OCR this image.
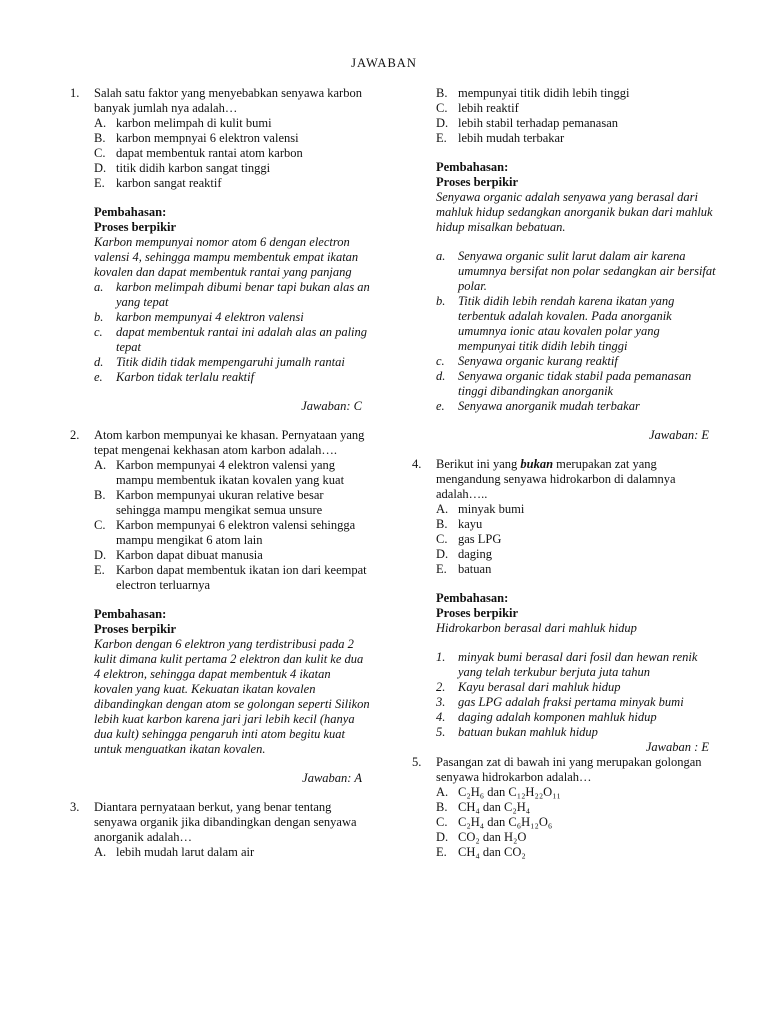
JAWABAN
1. Salah satu faktor yang menyebabkan senyawa karbon banyak jumlah nya adalah…
A. karbon melimpah di kulit bumi
B. karbon mempnyai 6 elektron valensi
C. dapat membentuk rantai atom karbon
D. titik didih karbon sangat tinggi
E. karbon sangat reaktif
Pembahasan:
Proses berpikir
Karbon mempunyai nomor atom 6 dengan electron valensi 4, sehingga mampu membentuk empat ikatan kovalen dan dapat membentuk rantai yang panjang
a. karbon melimpah dibumi benar tapi bukan alas an yang tepat
b. karbon mempunyai 4 elektron valensi
c. dapat membentuk rantai ini adalah alas an paling tepat
d. Titik didih tidak mempengaruhi jumalh rantai
e. Karbon tidak terlalu reaktif
Jawaban: C
2. Atom karbon mempunyai ke khasan. Pernyataan yang tepat mengenai kekhasan atom karbon adalah….
A. Karbon mempunyai 4 elektron valensi yang mampu membentuk ikatan kovalen yang kuat
B. Karbon mempunyai ukuran relative besar sehingga mampu mengikat semua unsure
C. Karbon mempunyai 6 elektron valensi sehingga mampu mengikat 6 atom lain
D. Karbon dapat dibuat manusia
E. Karbon dapat membentuk ikatan ion dari keempat electron terluarnya
Pembahasan:
Proses berpikir
Karbon dengan 6 elektron yang terdistribusi pada 2 kulit dimana kulit pertama 2 elektron dan kulit ke dua 4 elektron, sehingga dapat membentuk 4 ikatan kovalen yang kuat. Kekuatan ikatan kovalen dibandingkan dengan atom se golongan seperti Silikon lebih kuat karbon karena jari jari lebih kecil (hanya dua kult) sehingga pengaruh inti atom begitu kuat untuk menguatkan ikatan kovalen.
Jawaban: A
3. Diantara pernyataan berkut, yang benar tentang senyawa organik jika dibandingkan dengan senyawa anorganik adalah…
A. lebih mudah larut dalam air
B. mempunyai titik didih lebih tinggi
C. lebih reaktif
D. lebih stabil terhadap pemanasan
E. lebih mudah terbakar
Pembahasan:
Proses berpikir
Senyawa organic adalah senyawa yang berasal dari mahluk hidup sedangkan anorganik bukan dari mahluk hidup misalkan bebatuan.
a. Senyawa organic sulit larut dalam air karena umumnya bersifat non polar sedangkan air bersifat polar.
b. Titik didih lebih rendah karena ikatan yang terbentuk adalah kovalen. Pada anorganik umumnya ionic atau kovalen polar yang mempunyai titik didih lebih tinggi
c. Senyawa organic kurang reaktif
d. Senyawa organic tidak stabil pada pemanasan tinggi dibandingkan anorganik
e. Senyawa anorganik mudah terbakar
Jawaban: E
4. Berikut ini yang bukan merupakan zat yang mengandung senyawa hidrokarbon di dalamnya adalah…..
A. minyak bumi
B. kayu
C. gas LPG
D. daging
E. batuan
Pembahasan:
Proses berpikir
Hidrokarbon berasal dari mahluk hidup
1. minyak bumi berasal dari fosil dan hewan renik yang telah terkubur berjuta juta tahun
2. Kayu berasal dari mahluk hidup
3. gas LPG adalah fraksi pertama minyak bumi
4. daging adalah komponen mahluk hidup
5. batuan bukan mahluk hidup
Jawaban : E
5. Pasangan zat di bawah ini yang merupakan golongan senyawa hidrokarbon adalah…
A. C₂H₆ dan C₁₂H₂₂O₁₁
B. CH₄ dan C₂H₄
C. C₂H₄ dan C₆H₁₂O₆
D. CO₂ dan H₂O
E. CH₄ dan CO₂
